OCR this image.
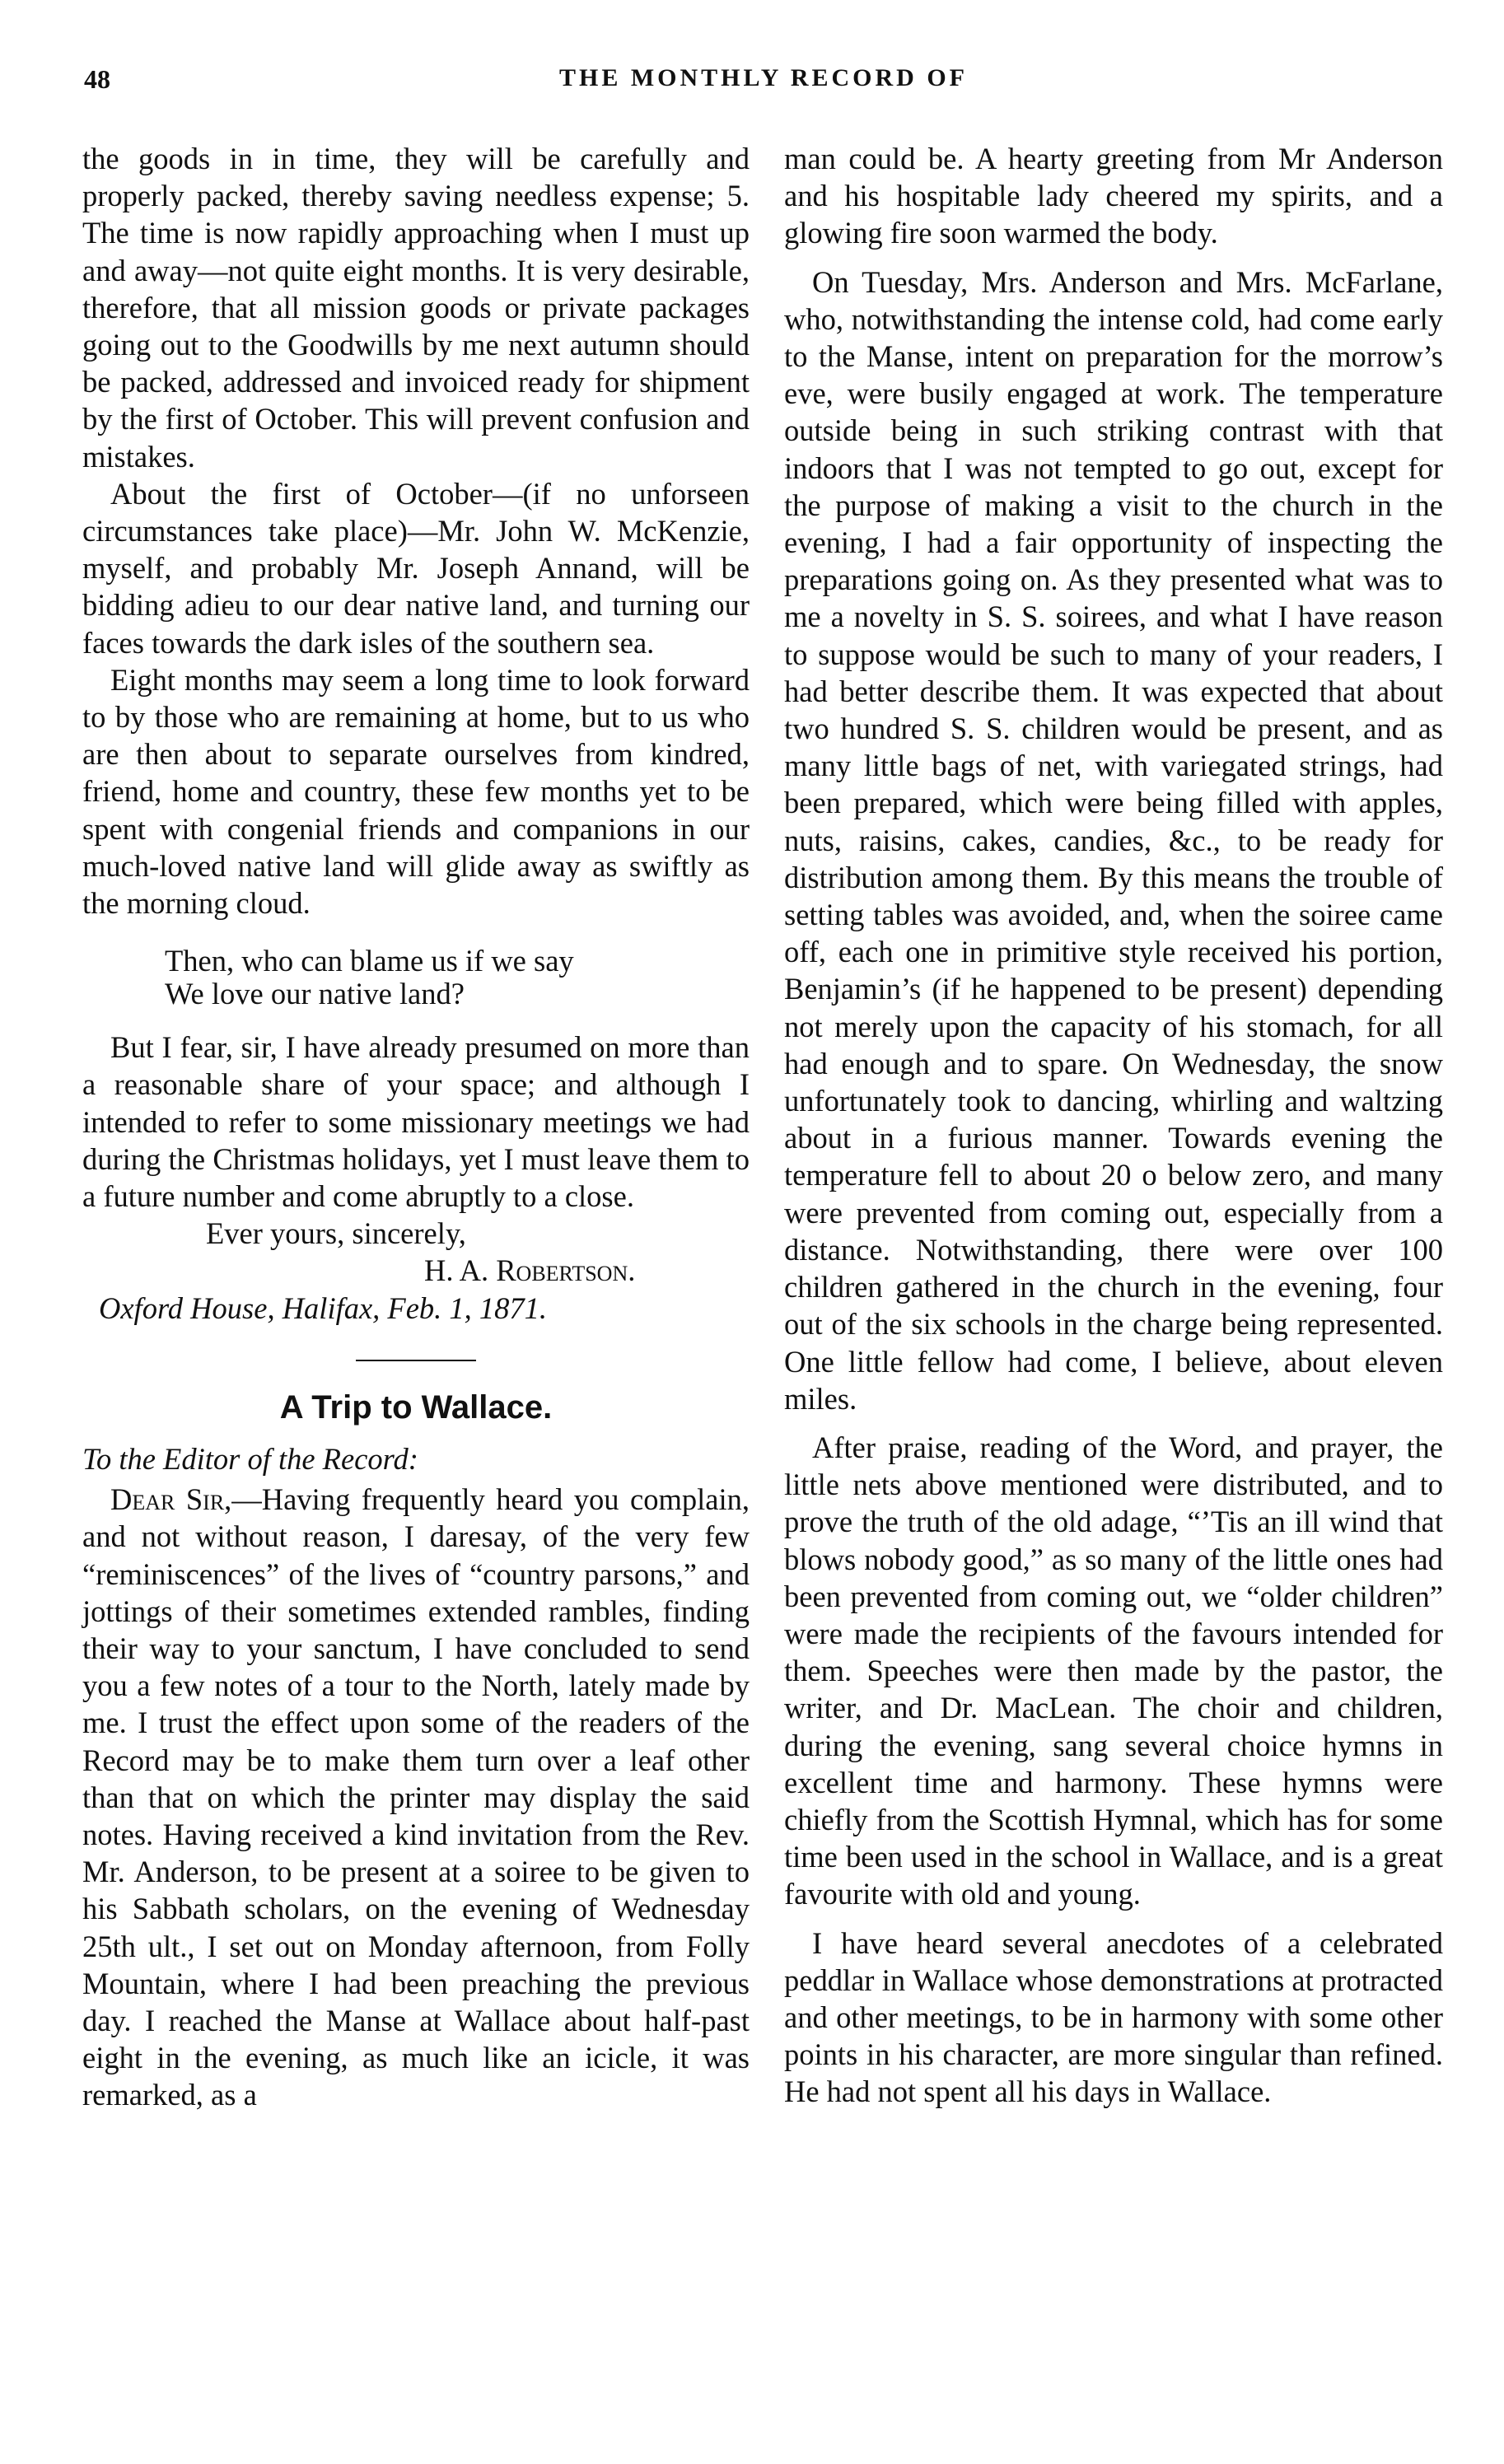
48	THE MONTHLY RECORD OF

the goods in in time, they will be carefully and properly packed, thereby saving needless expense; 5. The time is now rapidly approaching when I must up and away—not quite eight months. It is very desirable, therefore, that all mission goods or private packages going out to the Goodwills by me next autumn should be packed, addressed and invoiced ready for shipment by the first of October. This will prevent confusion and mistakes.

About the first of October—(if no unforseen circumstances take place)—Mr. John W. McKenzie, myself, and probably Mr. Joseph Annand, will be bidding adieu to our dear native land, and turning our faces towards the dark isles of the southern sea.

Eight months may seem a long time to look forward to by those who are remaining at home, but to us who are then about to separate ourselves from kindred, friend, home and country, these few months yet to be spent with congenial friends and companions in our much-loved native land will glide away as swiftly as the morning cloud.

Then, who can blame us if we say
We love our native land?

But I fear, sir, I have already presumed on more than a reasonable share of your space; and although I intended to refer to some missionary meetings we had during the Christmas holidays, yet I must leave them to a future number and come abruptly to a close.

Ever yours, sincerely,

H. A. Robertson.

Oxford House, Halifax, Feb. 1, 1871.

A Trip to Wallace.

To the Editor of the Record:

Dear Sir,—Having frequently heard you complain, and not without reason, I daresay, of the very few “reminiscences” of the lives of “country parsons,” and jottings of their sometimes extended rambles, finding their way to your sanctum, I have concluded to send you a few notes of a tour to the North, lately made by me. I trust the effect upon some of the readers of the Record may be to make them turn over a leaf other than that on which the printer may display the said notes. Having received a kind invitation from the Rev. Mr. Anderson, to be present at a soiree to be given to his Sabbath scholars, on the evening of Wednesday 25th ult., I set out on Monday afternoon, from Folly Mountain, where I had been preaching the previous day. I reached the Manse at Wallace about half-past eight in the evening, as much like an icicle, it was remarked, as a

man could be. A hearty greeting from Mr Anderson and his hospitable lady cheered my spirits, and a glowing fire soon warmed the body.

On Tuesday, Mrs. Anderson and Mrs. McFarlane, who, notwithstanding the intense cold, had come early to the Manse, intent on preparation for the morrow’s eve, were busily engaged at work. The temperature outside being in such striking contrast with that indoors that I was not tempted to go out, except for the purpose of making a visit to the church in the evening, I had a fair opportunity of inspecting the preparations going on. As they presented what was to me a novelty in S. S. soirees, and what I have reason to suppose would be such to many of your readers, I had better describe them. It was expected that about two hundred S. S. children would be present, and as many little bags of net, with variegated strings, had been prepared, which were being filled with apples, nuts, raisins, cakes, candies, &c., to be ready for distribution among them. By this means the trouble of setting tables was avoided, and, when the soiree came off, each one in primitive style received his portion, Benjamin’s (if he happened to be present) depending not merely upon the capacity of his stomach, for all had enough and to spare. On Wednesday, the snow unfortunately took to dancing, whirling and waltzing about in a furious manner. Towards evening the temperature fell to about 20 o below zero, and many were prevented from coming out, especially from a distance. Notwithstanding, there were over 100 children gathered in the church in the evening, four out of the six schools in the charge being represented. One little fellow had come, I believe, about eleven miles.

After praise, reading of the Word, and prayer, the little nets above mentioned were distributed, and to prove the truth of the old adage, “’Tis an ill wind that blows nobody good,” as so many of the little ones had been prevented from coming out, we “older children” were made the recipients of the favours intended for them. Speeches were then made by the pastor, the writer, and Dr. MacLean. The choir and children, during the evening, sang several choice hymns in excellent time and harmony. These hymns were chiefly from the Scottish Hymnal, which has for some time been used in the school in Wallace, and is a great favourite with old and young.

I have heard several anecdotes of a celebrated peddlar in Wallace whose demonstrations at protracted and other meetings, to be in harmony with some other points in his character, are more singular than refined. He had not spent all his days in Wallace.
